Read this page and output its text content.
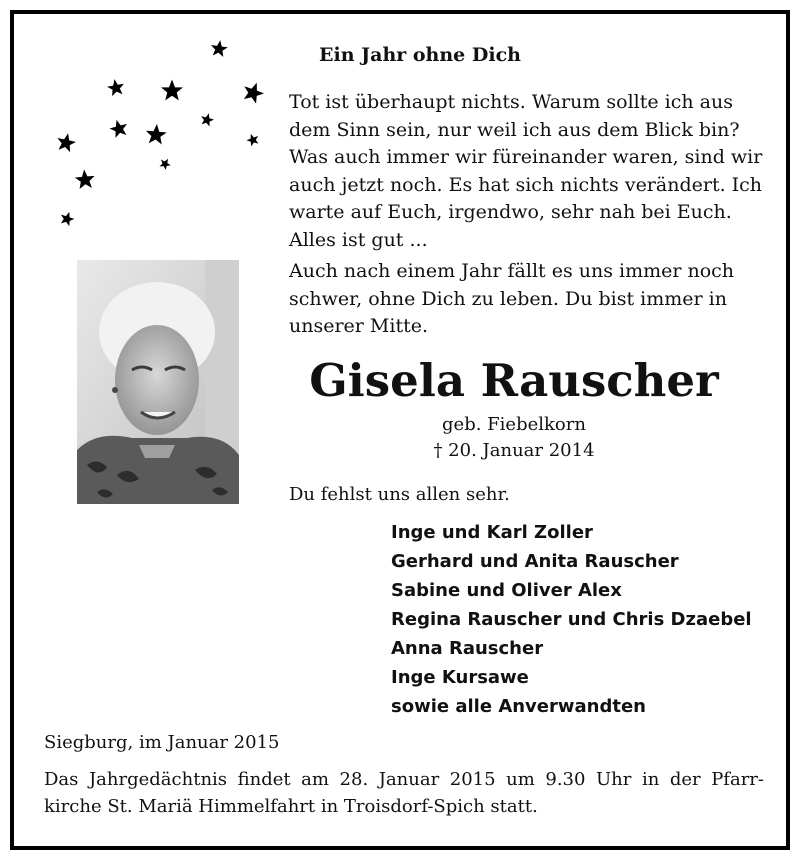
Ein Jahr ohne Dich

Tot ist überhaupt nichts. Warum sollte ich aus
dem Sinn sein, nur weil ich aus dem Blick bin?
Was auch immer wir füreinander waren, sind wir
auch jetzt noch. Es hat sich nichts verändert. Ich
warte auf Euch, irgendwo, sehr nah bei Euch.
Alles ist gut ...

Auch nach einem Jahr fällt es uns immer noch
schwer, ohne Dich zu leben. Du bist immer in
unserer Mitte.

Gisela Rauscher
geb. Fiebelkorn
† 20. Januar 2014
Du fehlst uns allen sehr.
Inge und Karl Zoller
Gerhard und Anita Rauscher
Sabine und Oliver Alex
Regina Rauscher und Chris Dzaebel
Anna Rauscher
Inge Kursawe
sowie alle Anverwandten
Siegburg, im Januar 2015
Das Jahrgedächtnis findet am 28. Januar 2015 um 9.30 Uhr in der Pfarr-
kirche St. Mariä Himmelfahrt in Troisdorf-Spich statt.
